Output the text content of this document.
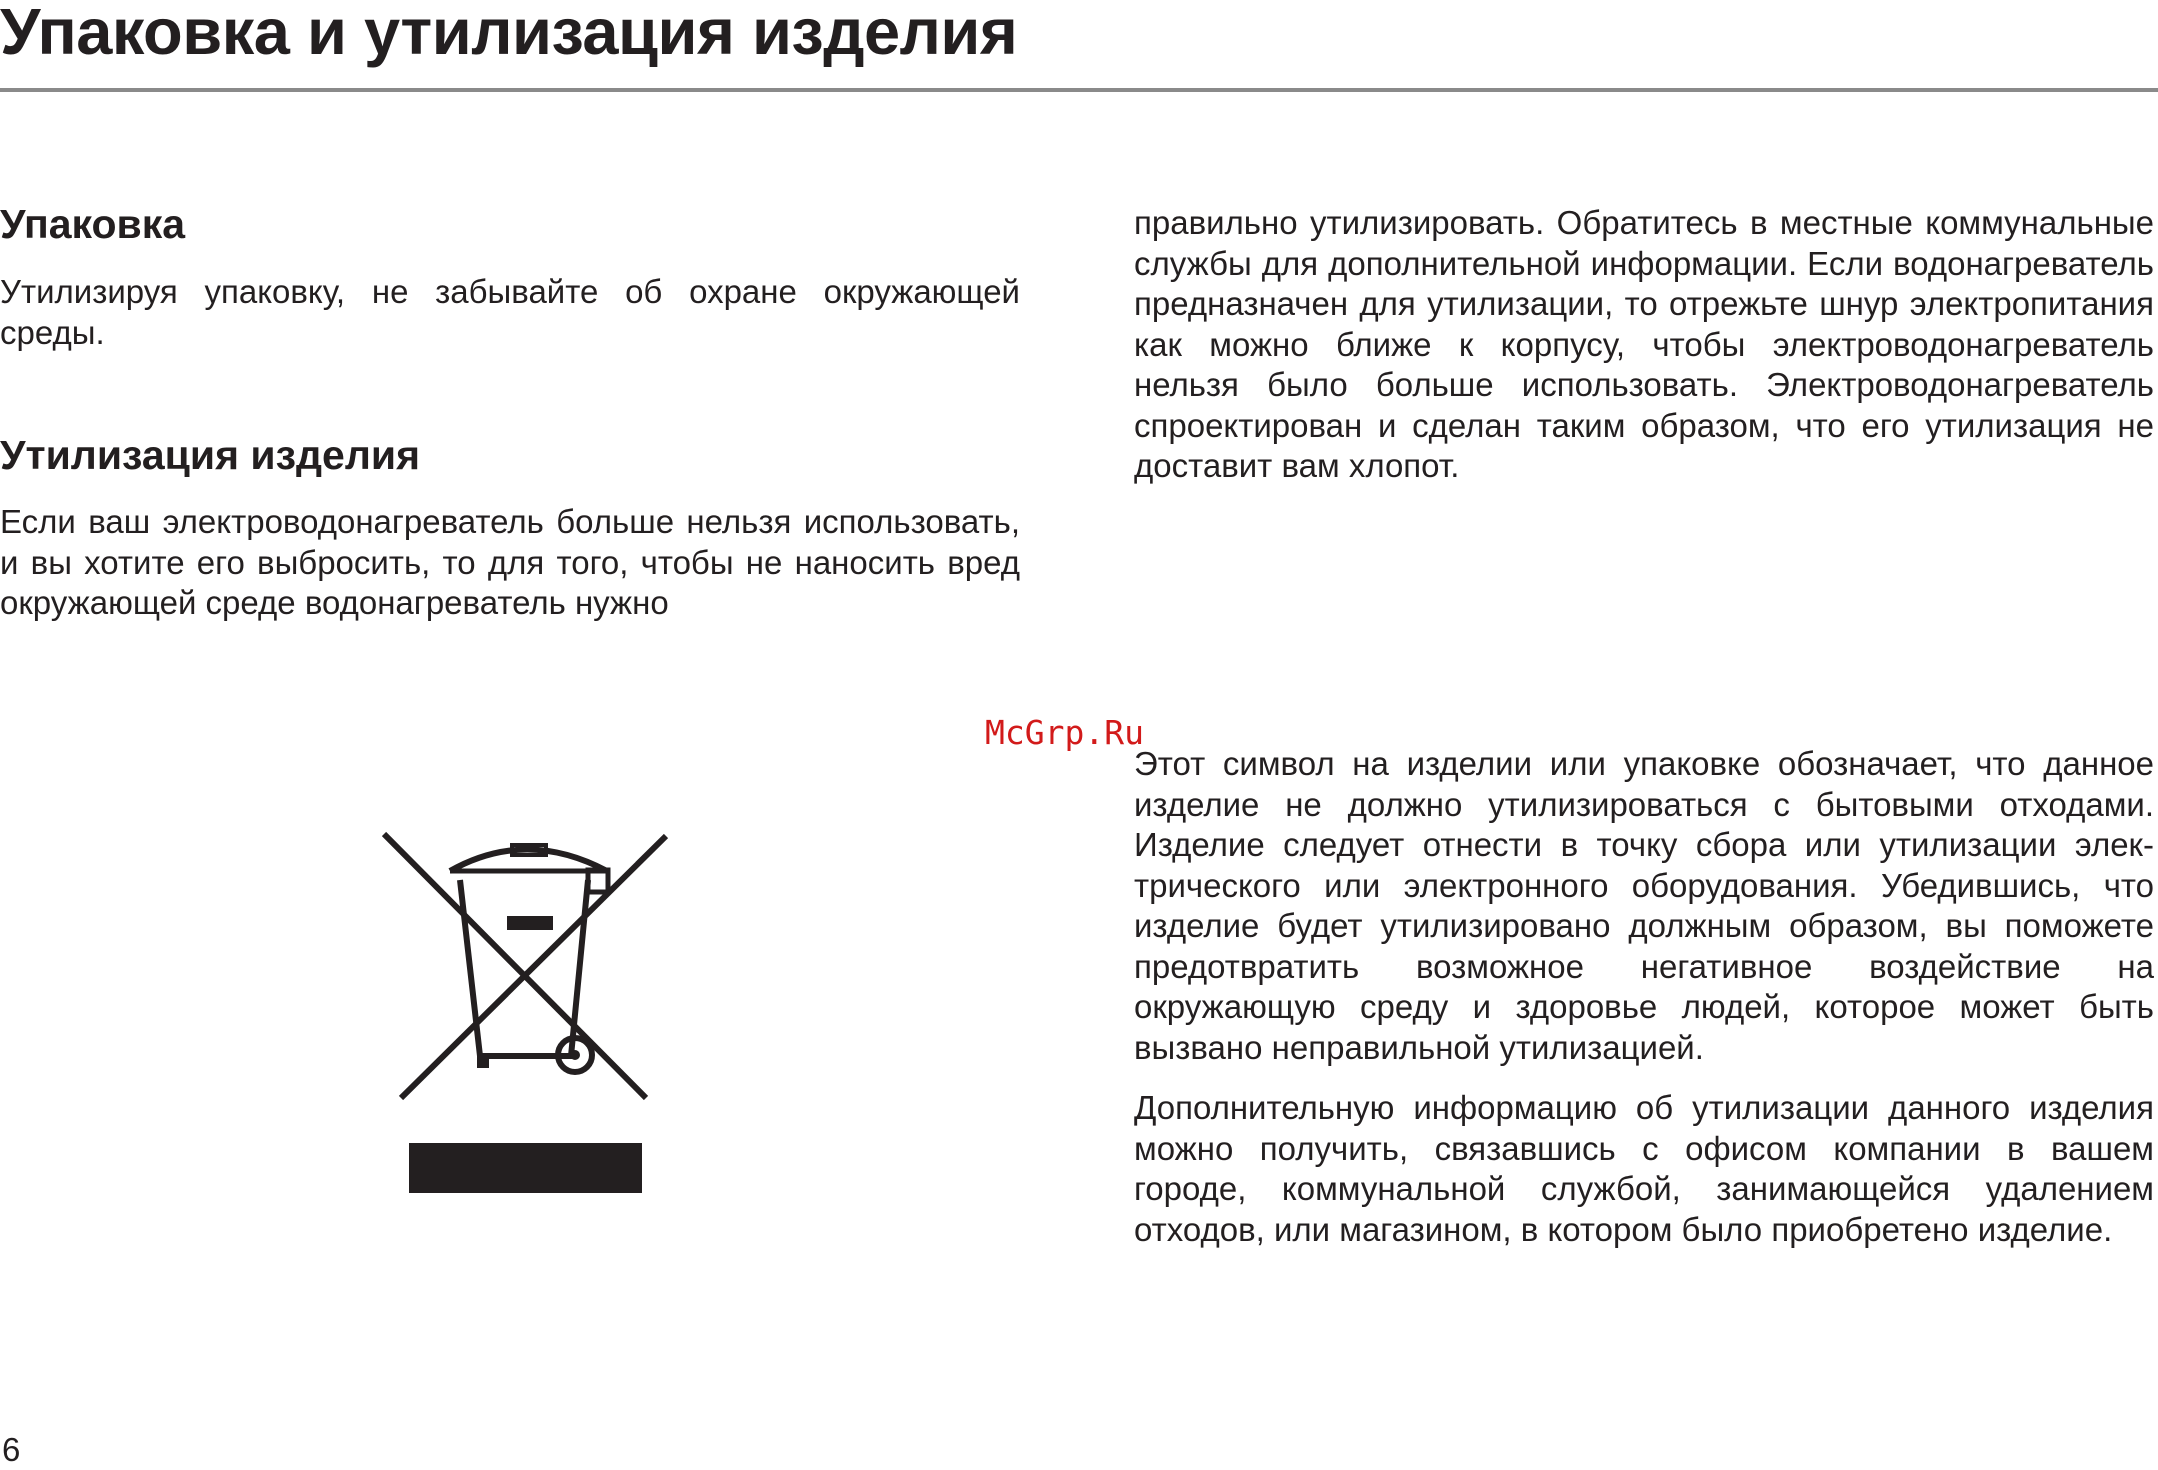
Упаковка и утилизация изделия
Упаковка

Утилизируя упаковку, не забывайте об охране окружающей среды.

Утилизация изделия

Если ваш электроводонагреватель больше нельзя использовать, и вы хотите его выбросить, то для того, чтобы не наносить вред окружающей среде водонагреватель нужно

правильно утилизировать. Обратитесь в местные коммунальные службы для дополнительной информации. Если водонагреватель предназначен для утилизации, то отрежьте шнур электропитания как можно ближе к корпусу, чтобы электроводонагреватель нельзя было больше использовать. Электроводонагреватель спроектирован и сделан таким образом, что его утилизация не доставит вам хлопот.

McGrp.Ru

Этот символ на изделии или упаковке обозначает, что данное изделие не должно утилизироваться с бытовыми отходами. Изделие следует отнести в точку сбора или утилизации электрического или электронного оборудования. Убедившись, что изделие будет утилизировано должным образом, вы поможете предотвратить возможное негативное воздействие на окружающую среду и здоровье людей, которое может быть вызвано неправильной утилизацией.

Дополнительную информацию об утилизации данного изделия можно получить, связавшись с офисом компании в вашем городе, коммунальной службой, занимающейся удалением отходов, или магазином, в котором было приобретено изделие.

6
